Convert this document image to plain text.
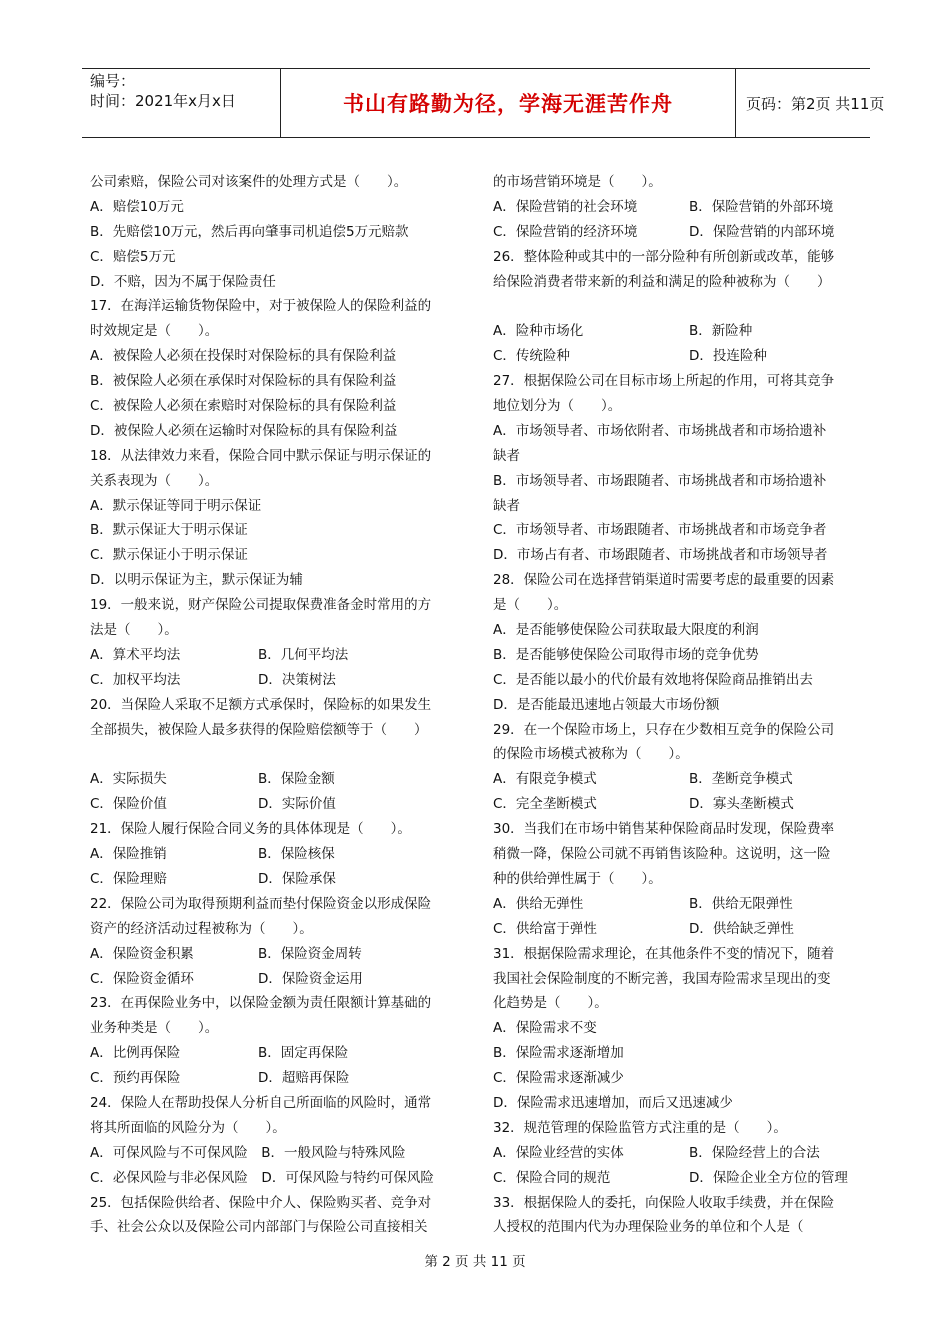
编号：
时间：2021年x月x日	书山有路勤为径，学海无涯苦作舟	页码：第2页 共11页
公司索赔，保险公司对该案件的处理方式是（　　）。
A．赔偿10万元
B．先赔偿10万元，然后再向肇事司机追偿5万元赔款
C．赔偿5万元
D．不赔，因为不属于保险责任
17．在海洋运输货物保险中，对于被保险人的保险利益的
时效规定是（　　）。
A．被保险人必须在投保时对保险标的具有保险利益
B．被保险人必须在承保时对保险标的具有保险利益
C．被保险人必须在索赔时对保险标的具有保险利益
D．被保险人必须在运输时对保险标的具有保险利益
18．从法律效力来看，保险合同中默示保证与明示保证的
关系表现为（　　）。
A．默示保证等同于明示保证
B．默示保证大于明示保证
C．默示保证小于明示保证
D．以明示保证为主，默示保证为辅
19．一般来说，财产保险公司提取保费准备金时常用的方
法是（　　）。
A．算术平均法	B．几何平均法
C．加权平均法	D．决策树法
20．当保险人采取不足额方式承保时，保险标的如果发生
全部损失，被保险人最多获得的保险赔偿额等于（　　）
A．实际损失	B．保险金额
C．保险价值	D．实际价值
21．保险人履行保险合同义务的具体体现是（　　）。
A．保险推销	B．保险核保
C．保险理赔	D．保险承保
22．保险公司为取得预期利益而垫付保险资金以形成保险
资产的经济活动过程被称为（　　）。
A．保险资金积累	B．保险资金周转
C．保险资金循环	D．保险资金运用
23．在再保险业务中，以保险金额为责任限额计算基础的
业务种类是（　　）。
A．比例再保险	B．固定再保险
C．预约再保险	D．超赔再保险
24．保险人在帮助投保人分析自己所面临的风险时，通常
将其所面临的风险分为（　　）。
A．可保风险与不可保风险　B．一般风险与特殊风险
C．必保风险与非必保风险　D．可保风险与特约可保风险
25．包括保险供给者、保险中介人、保险购买者、竞争对
手、社会公众以及保险公司内部部门与保险公司直接相关
的市场营销环境是（　　）。
A．保险营销的社会环境	B．保险营销的外部环境
C．保险营销的经济环境	D．保险营销的内部环境
26．整体险种或其中的一部分险种有所创新或改革，能够
给保险消费者带来新的利益和满足的险种被称为（　　）
A．险种市场化	B．新险种
C．传统险种	D．投连险种
27．根据保险公司在目标市场上所起的作用，可将其竞争
地位划分为（　　）。
A．市场领导者、市场依附者、市场挑战者和市场拾遗补
缺者
B．市场领导者、市场跟随者、市场挑战者和市场拾遗补
缺者
C．市场领导者、市场跟随者、市场挑战者和市场竞争者
D．市场占有者、市场跟随者、市场挑战者和市场领导者
28．保险公司在选择营销渠道时需要考虑的最重要的因素
是（　　）。
A．是否能够使保险公司获取最大限度的利润
B．是否能够使保险公司取得市场的竞争优势
C．是否能以最小的代价最有效地将保险商品推销出去
D．是否能最迅速地占领最大市场份额
29．在一个保险市场上，只存在少数相互竞争的保险公司
的保险市场模式被称为（　　）。
A．有限竞争模式	B．垄断竞争模式
C．完全垄断模式	D．寡头垄断模式
30．当我们在市场中销售某种保险商品时发现，保险费率
稍微一降，保险公司就不再销售该险种。这说明，这一险
种的供给弹性属于（　　）。
A．供给无弹性	B．供给无限弹性
C．供给富于弹性	D．供给缺乏弹性
31．根据保险需求理论，在其他条件不变的情况下，随着
我国社会保险制度的不断完善，我国寿险需求呈现出的变
化趋势是（　　）。
A．保险需求不变
B．保险需求逐渐增加
C．保险需求逐渐减少
D．保险需求迅速增加，而后又迅速减少
32．规范管理的保险监管方式注重的是（　　）。
A．保险业经营的实体	B．保险经营上的合法
C．保险合同的规范	D．保险企业全方位的管理
33．根据保险人的委托，向保险人收取手续费，并在保险
人授权的范围内代为办理保险业务的单位和个人是（
第 2 页 共 11 页
